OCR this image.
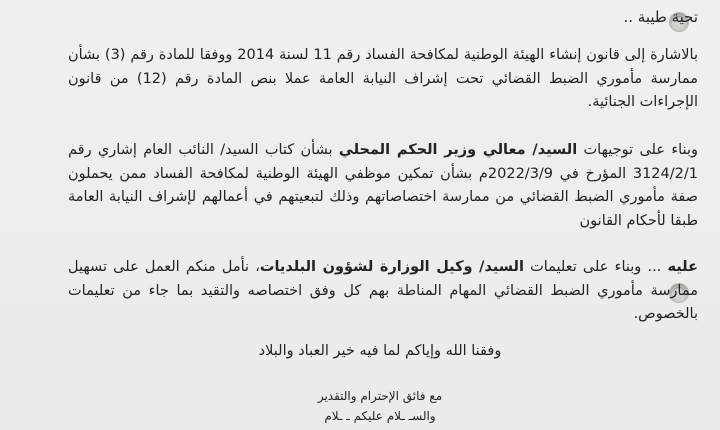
تحية طيبة ..

بالاشارة إلى قانون إنشاء الهيئة الوطنية لمكافحة الفساد رقم 11 لسنة 2014 ووفقا للمادة رقم (3) بشأن ممارسة مأموري الضبط القضائي تحت إشراف النيابة العامة عملا بنص المادة رقم (12) من قانون الإجراءات الجنائية.

وبناء على توجيهات السيد/ معالي وزير الحكم المحلي بشأن كتاب السيد/ النائب العام إشاري رقم 3124/2/1 المؤرخ في 2022/3/9م بشأن تمكين موظفي الهيئة الوطنية لمكافحة الفساد ممن يحملون صفة مأموري الضبط القضائي من ممارسة اختصاصاتهم وذلك لتبعيتهم في أعمالهم لإشراف النيابة العامة طبقا لأحكام القانون

عليه ... وبناء على تعليمات السيد/ وكيل الوزارة لشؤون البلديات، نأمل منكم العمل على تسهيل ممارسة مأموري الضبط القضائي المهام المناطة بهم كل وفق اختصاصه والتقيد بما جاء من تعليمات بالخصوص.

وفقنا الله وإياكم لما فيه خير العباد والبلاد
مع فائق الإحترام والتقدير
والسـ ـلام عليكم ـ ـلام
